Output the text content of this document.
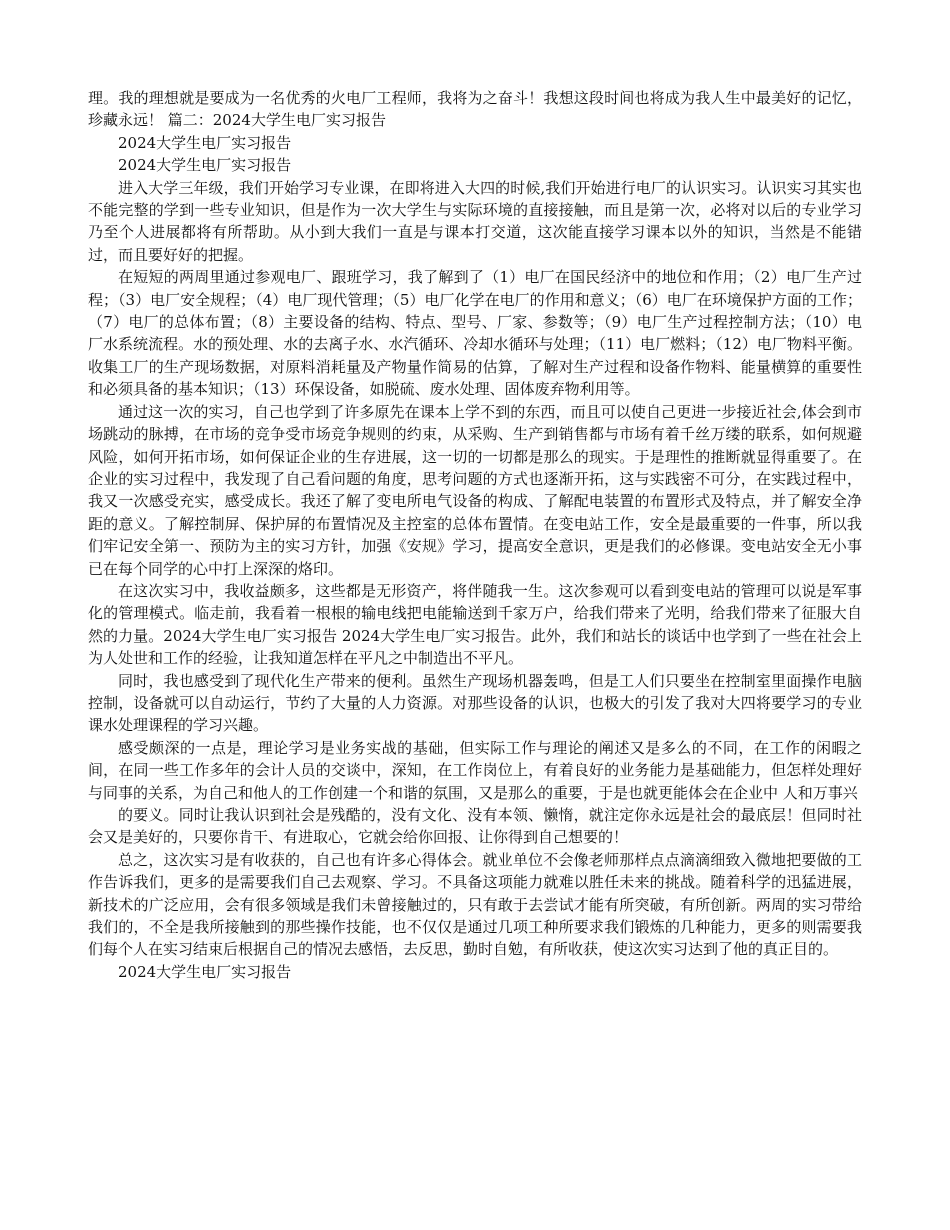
理。我的理想就是要成为一名优秀的火电厂工程师，我将为之奋斗！我想这段时间也将成为我人生中最美好的记忆，珍藏永远！ 篇二：2024大学生电厂实习报告

2024大学生电厂实习报告

2024大学生电厂实习报告

进入大学三年级，我们开始学习专业课，在即将进入大四的时候,我们开始进行电厂的认识实习。认识实习其实也不能完整的学到一些专业知识，但是作为一次大学生与实际环境的直接接触，而且是第一次，必将对以后的专业学习乃至个人进展都将有所帮助。从小到大我们一直是与课本打交道，这次能直接学习课本以外的知识，当然是不能错过，而且要好好的把握。

在短短的两周里通过参观电厂、跟班学习，我了解到了（1）电厂在国民经济中的地位和作用；（2）电厂生产过程；（3）电厂安全规程；（4）电厂现代管理；（5）电厂化学在电厂的作用和意义；（6）电厂在环境保护方面的工作；（7）电厂的总体布置；（8）主要设备的结构、特点、型号、厂家、参数等；（9）电厂生产过程控制方法；（10）电厂水系统流程。水的预处理、水的去离子水、水汽循环、冷却水循环与处理；（11）电厂燃料；（12）电厂物料平衡。收集工厂的生产现场数据，对原料消耗量及产物量作简易的估算，了解对生产过程和设备作物料、能量横算的重要性和必须具备的基本知识；（13）环保设备，如脱硫、废水处理、固体废弃物利用等。

通过这一次的实习，自己也学到了许多原先在课本上学不到的东西，而且可以使自己更进一步接近社会,体会到市场跳动的脉搏，在市场的竞争受市场竞争规则的约束，从采购、生产到销售都与市场有着千丝万缕的联系，如何规避风险，如何开拓市场，如何保证企业的生存进展，这一切的一切都是那么的现实。于是理性的推断就显得重要了。在企业的实习过程中，我发现了自己看问题的角度，思考问题的方式也逐渐开拓，这与实践密不可分，在实践过程中，我又一次感受充实，感受成长。我还了解了变电所电气设备的构成、了解配电装置的布置形式及特点，并了解安全净距的意义。了解控制屏、保护屏的布置情况及主控室的总体布置情。在变电站工作，安全是最重要的一件事，所以我们牢记安全第一、预防为主的实习方针，加强《安规》学习，提高安全意识，更是我们的必修课。变电站安全无小事已在每个同学的心中打上深深的烙印。

在这次实习中，我收益颇多，这些都是无形资产，将伴随我一生。这次参观可以看到变电站的管理可以说是军事化的管理模式。临走前，我看着一根根的输电线把电能输送到千家万户，给我们带来了光明，给我们带来了征服大自然的力量。2024大学生电厂实习报告 2024大学生电厂实习报告。此外，我们和站长的谈话中也学到了一些在社会上为人处世和工作的经验，让我知道怎样在平凡之中制造出不平凡。

同时，我也感受到了现代化生产带来的便利。虽然生产现场机器轰鸣，但是工人们只要坐在控制室里面操作电脑控制，设备就可以自动运行，节约了大量的人力资源。对那些设备的认识，也极大的引发了我对大四将要学习的专业课水处理课程的学习兴趣。

感受颇深的一点是，理论学习是业务实战的基础，但实际工作与理论的阐述又是多么的不同，在工作的闲暇之间，在同一些工作多年的会计人员的交谈中，深知，在工作岗位上，有着良好的业务能力是基础能力，但怎样处理好与同事的关系，为自己和他人的工作创建一个和谐的氛围，又是那么的重要，于是也就更能体会在企业中 人和万事兴

的要义。同时让我认识到社会是残酷的，没有文化、没有本领、懒惰，就注定你永远是社会的最底层！但同时社会又是美好的，只要你肯干、有进取心，它就会给你回报、让你得到自己想要的！

总之，这次实习是有收获的，自己也有许多心得体会。就业单位不会像老师那样点点滴滴细致入微地把要做的工作告诉我们，更多的是需要我们自己去观察、学习。不具备这项能力就难以胜任未来的挑战。随着科学的迅猛进展，新技术的广泛应用，会有很多领域是我们未曾接触过的，只有敢于去尝试才能有所突破，有所创新。两周的实习带给我们的，不全是我所接触到的那些操作技能，也不仅仅是通过几项工种所要求我们锻炼的几种能力，更多的则需要我们每个人在实习结束后根据自己的情况去感悟，去反思，勤时自勉，有所收获，使这次实习达到了他的真正目的。

2024大学生电厂实习报告
